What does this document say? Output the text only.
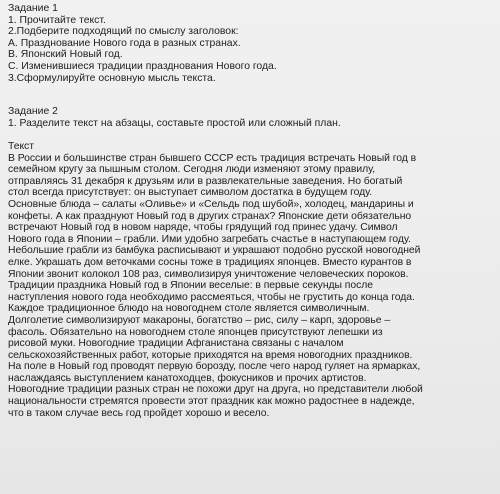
Задание 1
1. Прочитайте текст.
2.Подберите подходящий по смыслу заголовок:
А. Празднование Нового года в разных странах.
В. Японский Новый год.
С. Изменившиеся традиции празднования Нового года.
3.Сформулируйте основную мысль текста.
Задание 2
1. Разделите текст на абзацы, составьте простой или сложный план.
Текст
В России и большинстве стран бывшего СССР есть традиция встречать Новый год в
семейном кругу за пышным столом. Сегодня люди изменяют этому правилу,
отправляясь 31 декабря к друзьям или в развлекательные заведения. Но богатый
стол всегда присутствует: он выступает символом достатка в будущем году.
Основные блюда – салаты «Оливье» и «Сельдь под шубой», холодец, мандарины и
конфеты. А как празднуют Новый год в других странах? Японские дети обязательно
встречают Новый год в новом наряде, чтобы грядущий год принес удачу. Символ
Нового года в Японии – грабли. Ими удобно загребать счастье в наступающем году.
Небольшие грабли из бамбука расписывают и украшают подобно русской новогодней
елке. Украшать дом веточками сосны тоже в традициях японцев. Вместо курантов в
Японии звонит колокол 108 раз, символизируя уничтожение человеческих пороков.
Традиции праздника Новый год в Японии веселые: в первые секунды после
наступления нового года необходимо рассмеяться, чтобы не грустить до конца года.
Каждое традиционное блюдо на новогоднем столе является символичным.
Долголетие символизируют макароны, богатство – рис, силу – карп, здоровье –
фасоль. Обязательно на новогоднем столе японцев присутствуют лепешки из
рисовой муки. Новогодние традиции Афганистана связаны с началом
сельскохозяйственных работ, которые приходятся на время новогодних праздников.
На поле в Новый год проводят первую борозду, после чего народ гуляет на ярмарках,
наслаждаясь выступлением канатоходцев, фокусников и прочих артистов.
Новогодние традиции разных стран не похожи друг на друга, но представители любой
национальности стремятся провести этот праздник как можно радостнее в надежде,
что в таком случае весь год пройдет хорошо и весело.
